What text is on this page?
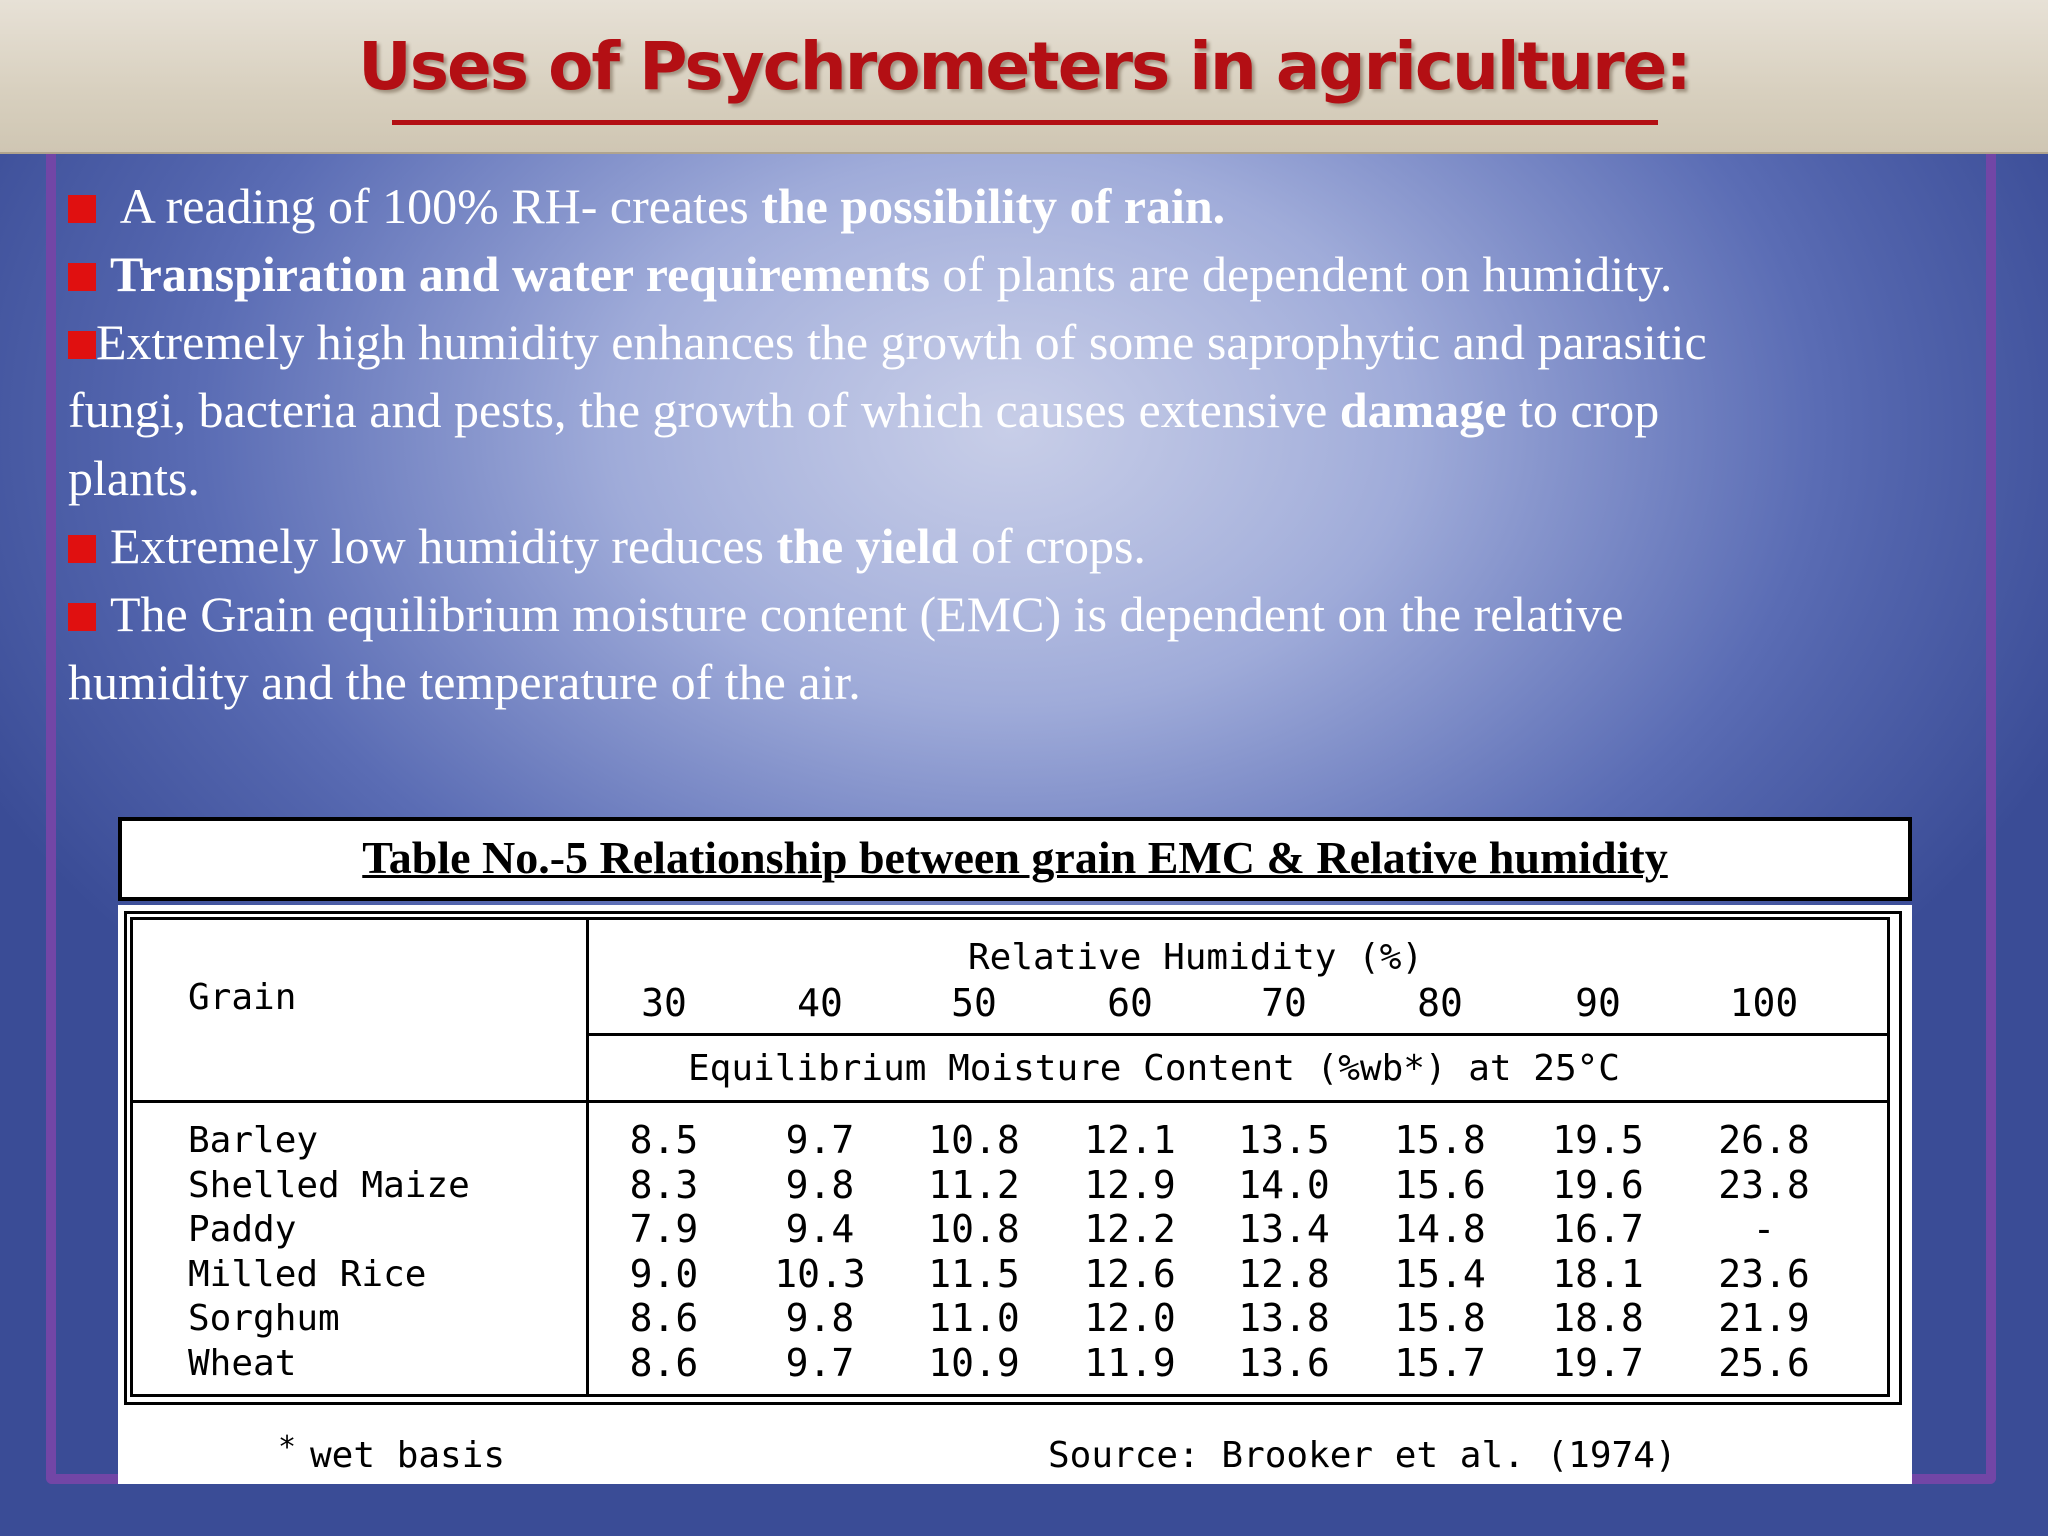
Uses of Psychrometers in agriculture:
A reading of 100% RH- creates the possibility of rain.
Transpiration and water requirements of plants are dependent on humidity.
Extremely high humidity enhances the growth of some saprophytic and parasitic
fungi, bacteria and pests, the growth of which causes extensive damage to crop
plants.
Extremely low humidity reduces the yield of crops.
The Grain equilibrium moisture content (EMC) is dependent on the relative
humidity and the temperature of the air.
Table No.-5 Relationship between grain EMC & Relative humidity
Grain
Relative Humidity (%)
30	40	50	60	70	80	90	100
Equilibrium Moisture Content (%wb*) at 25°C
Barley	8.5	9.7	10.8	12.1	13.5	15.8	19.5	26.8
Shelled Maize	8.3	9.8	11.2	12.9	14.0	15.6	19.6	23.8
Paddy	7.9	9.4	10.8	12.2	13.4	14.8	16.7	-
Milled Rice	9.0	10.3	11.5	12.6	12.8	15.4	18.1	23.6
Sorghum	8.6	9.8	11.0	12.0	13.8	15.8	18.8	21.9
Wheat	8.6	9.7	10.9	11.9	13.6	15.7	19.7	25.6
* wet basis	Source: Brooker et al. (1974)
